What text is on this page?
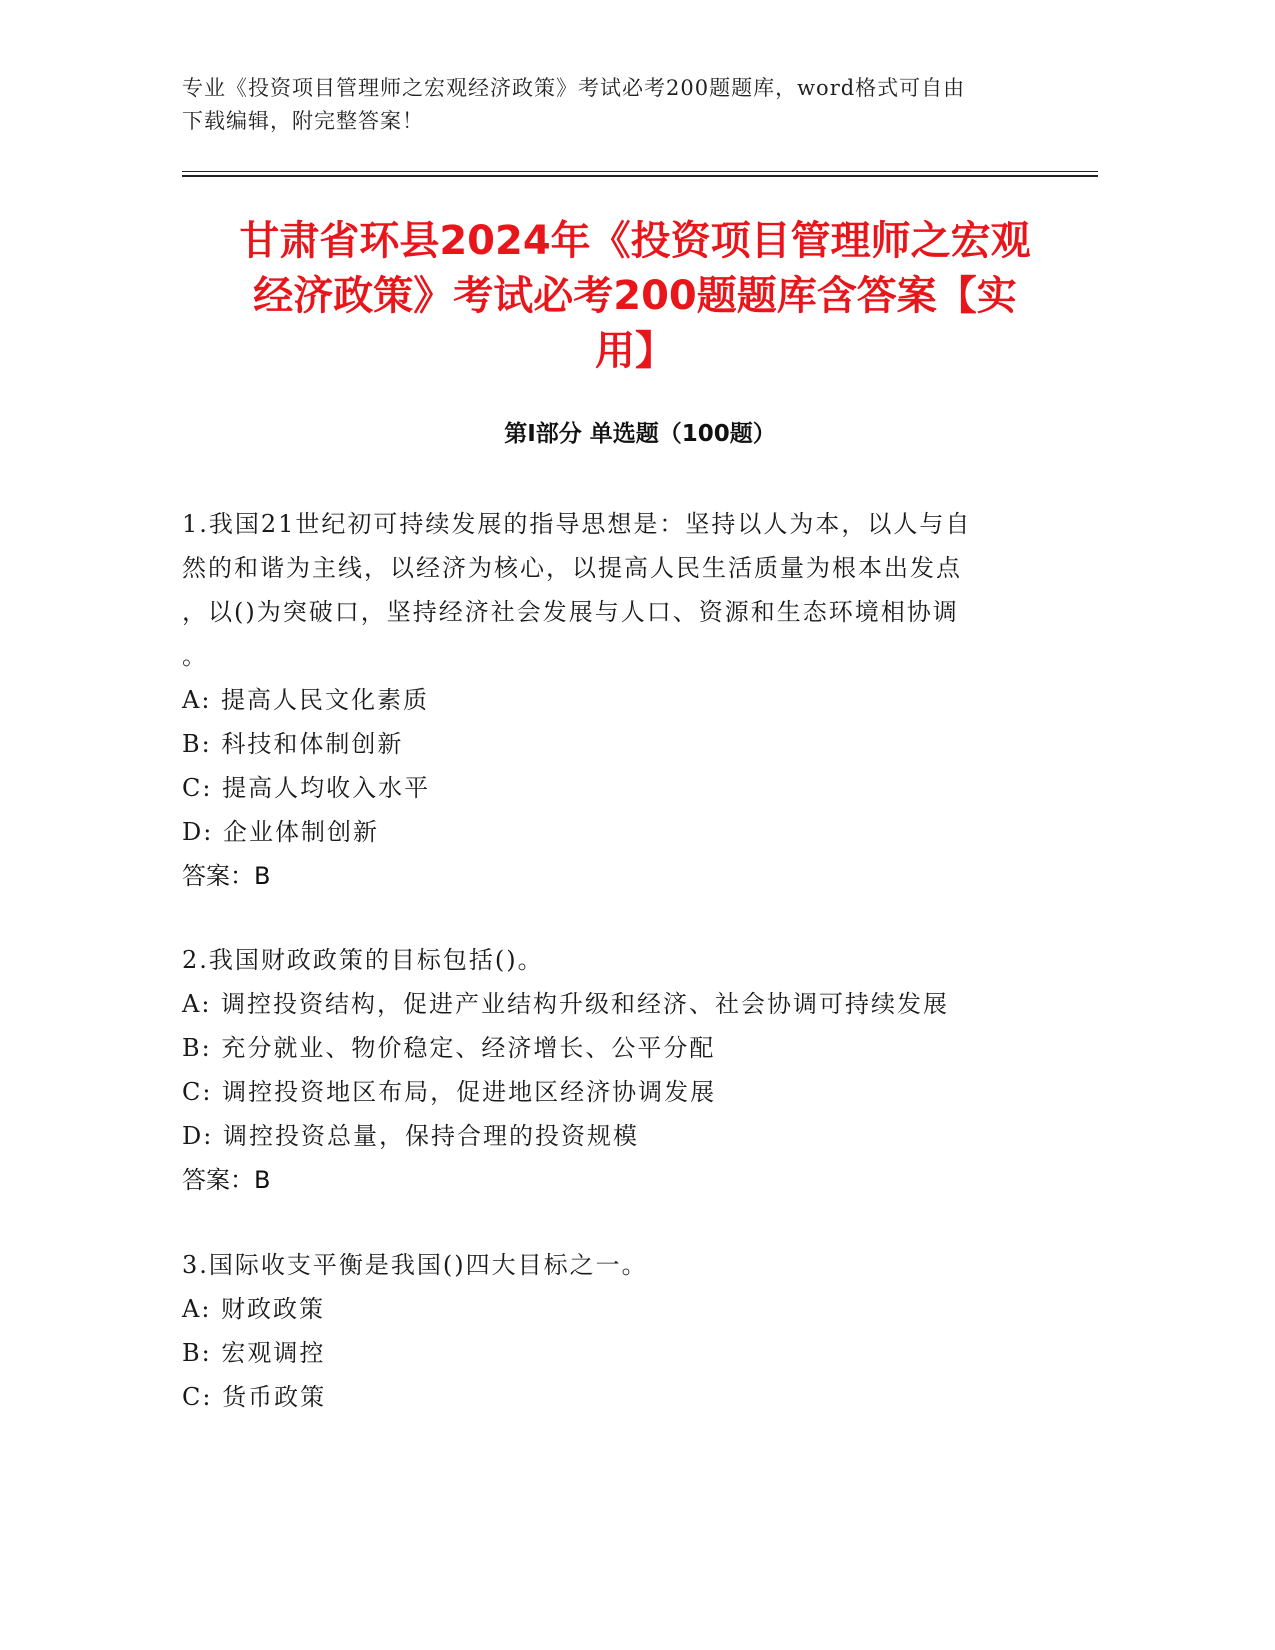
专业《投资项目管理师之宏观经济政策》考试必考200题题库，word格式可自由
下载编辑，附完整答案！
甘肃省环县2024年《投资项目管理师之宏观
经济政策》考试必考200题题库含答案【实
用】
第Ⅰ部分 单选题（100题）
1.我国21世纪初可持续发展的指导思想是：坚持以人为本，以人与自
然的和谐为主线，以经济为核心，以提高人民生活质量为根本出发点
，以()为突破口，坚持经济社会发展与人口、资源和生态环境相协调
。
A: 提高人民文化素质
B: 科技和体制创新
C: 提高人均收入水平
D: 企业体制创新
答案：B
2.我国财政政策的目标包括()。
A: 调控投资结构，促进产业结构升级和经济、社会协调可持续发展
B: 充分就业、物价稳定、经济增长、公平分配
C: 调控投资地区布局，促进地区经济协调发展
D: 调控投资总量，保持合理的投资规模
答案：B
3.国际收支平衡是我国()四大目标之一。
A: 财政政策
B: 宏观调控
C: 货币政策
